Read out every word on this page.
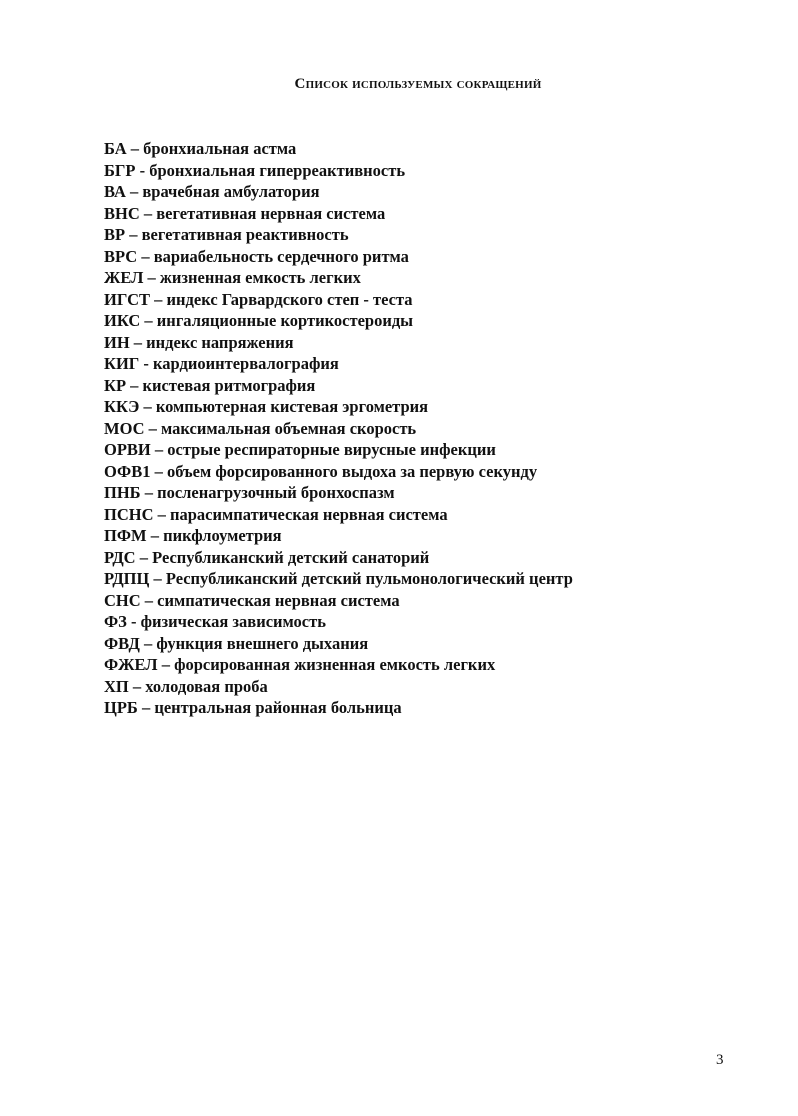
Список используемых сокращений
БА – бронхиальная астма
БГР - бронхиальная гиперреактивность
ВА – врачебная амбулатория
ВНС – вегетативная нервная система
ВР – вегетативная реактивность
ВРС – вариабельность сердечного ритма
ЖЕЛ – жизненная емкость легких
ИГСТ – индекс Гарвардского степ - теста
ИКС – ингаляционные кортикостероиды
ИН – индекс напряжения
КИГ - кардиоинтервалография
КР – кистевая ритмография
ККЭ – компьютерная кистевая эргометрия
МОС – максимальная объемная скорость
ОРВИ – острые респираторные вирусные инфекции
ОФВ1 – объем форсированного выдоха за первую секунду
ПНБ – посленагрузочный бронхоспазм
ПСНС – парасимпатическая нервная система
ПФМ – пикфлоуметрия
РДС – Республиканский детский санаторий
РДПЦ – Республиканский детский пульмонологический центр
СНС – симпатическая нервная система
ФЗ - физическая зависимость
ФВД – функция внешнего дыхания
ФЖЕЛ – форсированная жизненная емкость легких
ХП – холодовая проба
ЦРБ – центральная районная больница
3
